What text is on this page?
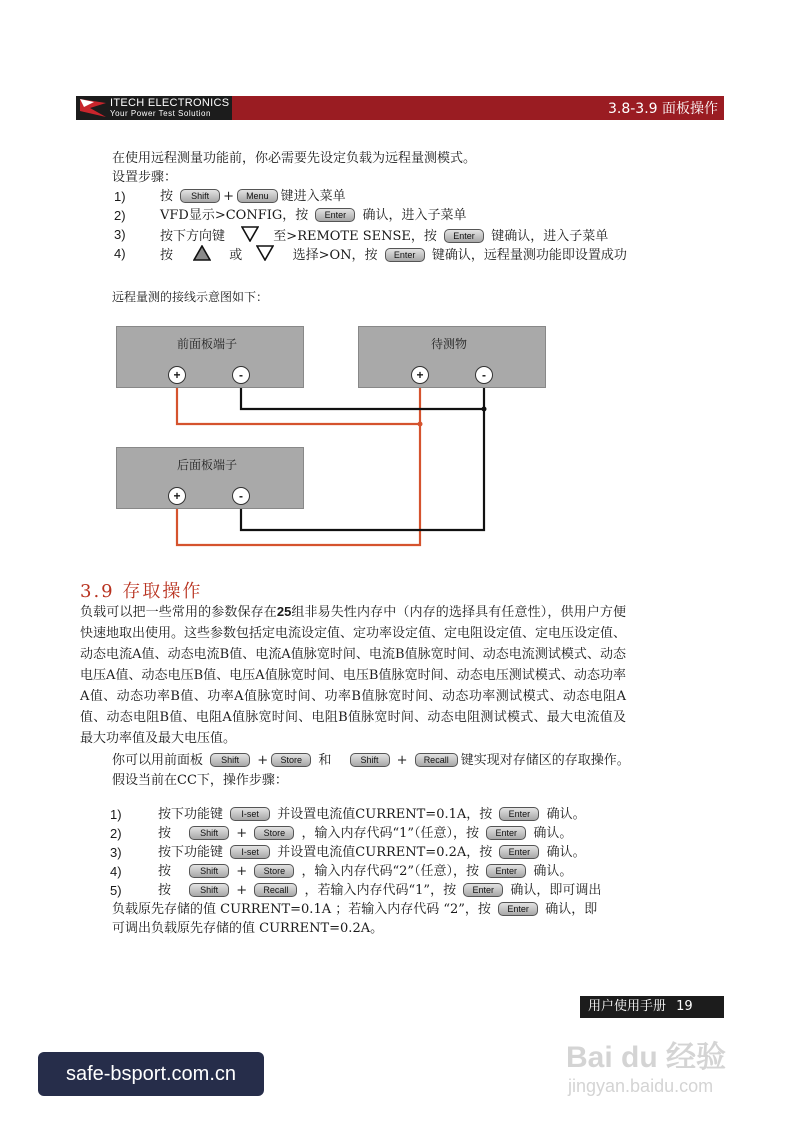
ITECH ELECTRONICS
Your Power Test Solution	3.8-3.9 面板操作
在使用远程测量功能前，你必需要先设定负载为远程量测模式。
设置步骤：
1)	按 Shift + Menu 键进入菜单
2)	VFD显示>CONFIG，按 Enter 确认，进入子菜单
3)	按下方向键	至>REMOTE SENSE，按 Enter 键确认，进入子菜单
4)	按	或	选择>ON，按 Enter 键确认，远程量测功能即设置成功
远程量测的接线示意图如下：
前面板端子
+	-
待测物
+	-
后面板端子
+	-
3.9 存取操作
负载可以把一些常用的参数保存在25组非易失性内存中（内存的选择具有任意性），供用户方便快速地取出使用。这些参数包括定电流设定值、定功率设定值、定电阻设定值、定电压设定值、动态电流A值、动态电流B值、电流A值脉宽时间、电流B值脉宽时间、动态电流测试模式、动态电压A值、动态电压B值、电压A值脉宽时间、电压B值脉宽时间、动态电压测试模式、动态功率A值、动态功率B值、功率A值脉宽时间、功率B值脉宽时间、动态功率测试模式、动态电阻A值、动态电阻B值、电阻A值脉宽时间、电阻B值脉宽时间、动态电阻测试模式、最大电流值及最大功率值及最大电压值。
你可以用前面板 Shift + Store 和	Shift + Recall 键实现对存储区的存取操作。
假设当前在CC下，操作步骤：
1)	按下功能键 I-set 并设置电流值CURRENT=0.1A，按 Enter 确认。
2)	按	Shift + Store ，输入内存代码“1”（任意），按 Enter 确认。
3)	按下功能键 I-set 并设置电流值CURRENT=0.2A，按 Enter 确认。
4)	按	Shift + Store ，输入内存代码“2”（任意），按 Enter 确认。
5)	按	Shift + Recall ，若输入内存代码“1”，按 Enter 确认，即可调出
负载原先存储的值 CURRENT=0.1A ；若输入内存代码 “2”，按 Enter 确认，即
可调出负载原先存储的值 CURRENT=0.2A。
用户使用手册 19
safe-bsport.com.cn	Bai du 经验
jingyan.baidu.com
